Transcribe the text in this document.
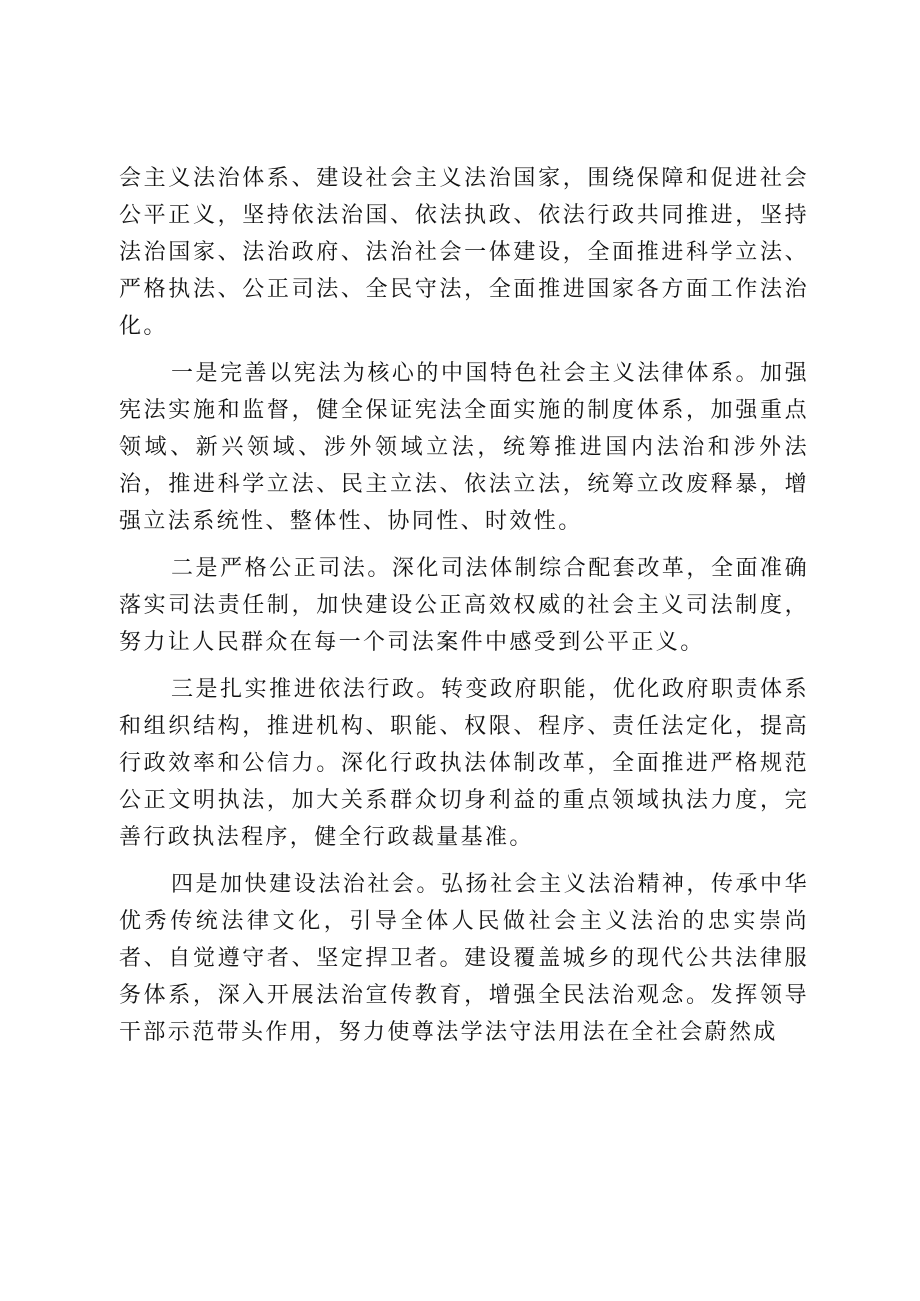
会主义法治体系、建设社会主义法治国家，围绕保障和促进社会公平正义，坚持依法治国、依法执政、依法行政共同推进，坚持法治国家、法治政府、法治社会一体建设，全面推进科学立法、严格执法、公正司法、全民守法，全面推进国家各方面工作法治化。

一是完善以宪法为核心的中国特色社会主义法律体系。加强宪法实施和监督，健全保证宪法全面实施的制度体系，加强重点领域、新兴领域、涉外领域立法，统筹推进国内法治和涉外法治，推进科学立法、民主立法、依法立法，统筹立改废释暴，增强立法系统性、整体性、协同性、时效性。

二是严格公正司法。深化司法体制综合配套改革，全面准确落实司法责任制，加快建设公正高效权威的社会主义司法制度，努力让人民群众在每一个司法案件中感受到公平正义。

三是扎实推进依法行政。转变政府职能，优化政府职责体系和组织结构，推进机构、职能、权限、程序、责任法定化，提高行政效率和公信力。深化行政执法体制改革，全面推进严格规范公正文明执法，加大关系群众切身利益的重点领域执法力度，完善行政执法程序，健全行政裁量基准。

四是加快建设法治社会。弘扬社会主义法治精神，传承中华优秀传统法律文化，引导全体人民做社会主义法治的忠实崇尚者、自觉遵守者、坚定捍卫者。建设覆盖城乡的现代公共法律服务体系，深入开展法治宣传教育，增强全民法治观念。发挥领导干部示范带头作用，努力使尊法学法守法用法在全社会蔚然成
